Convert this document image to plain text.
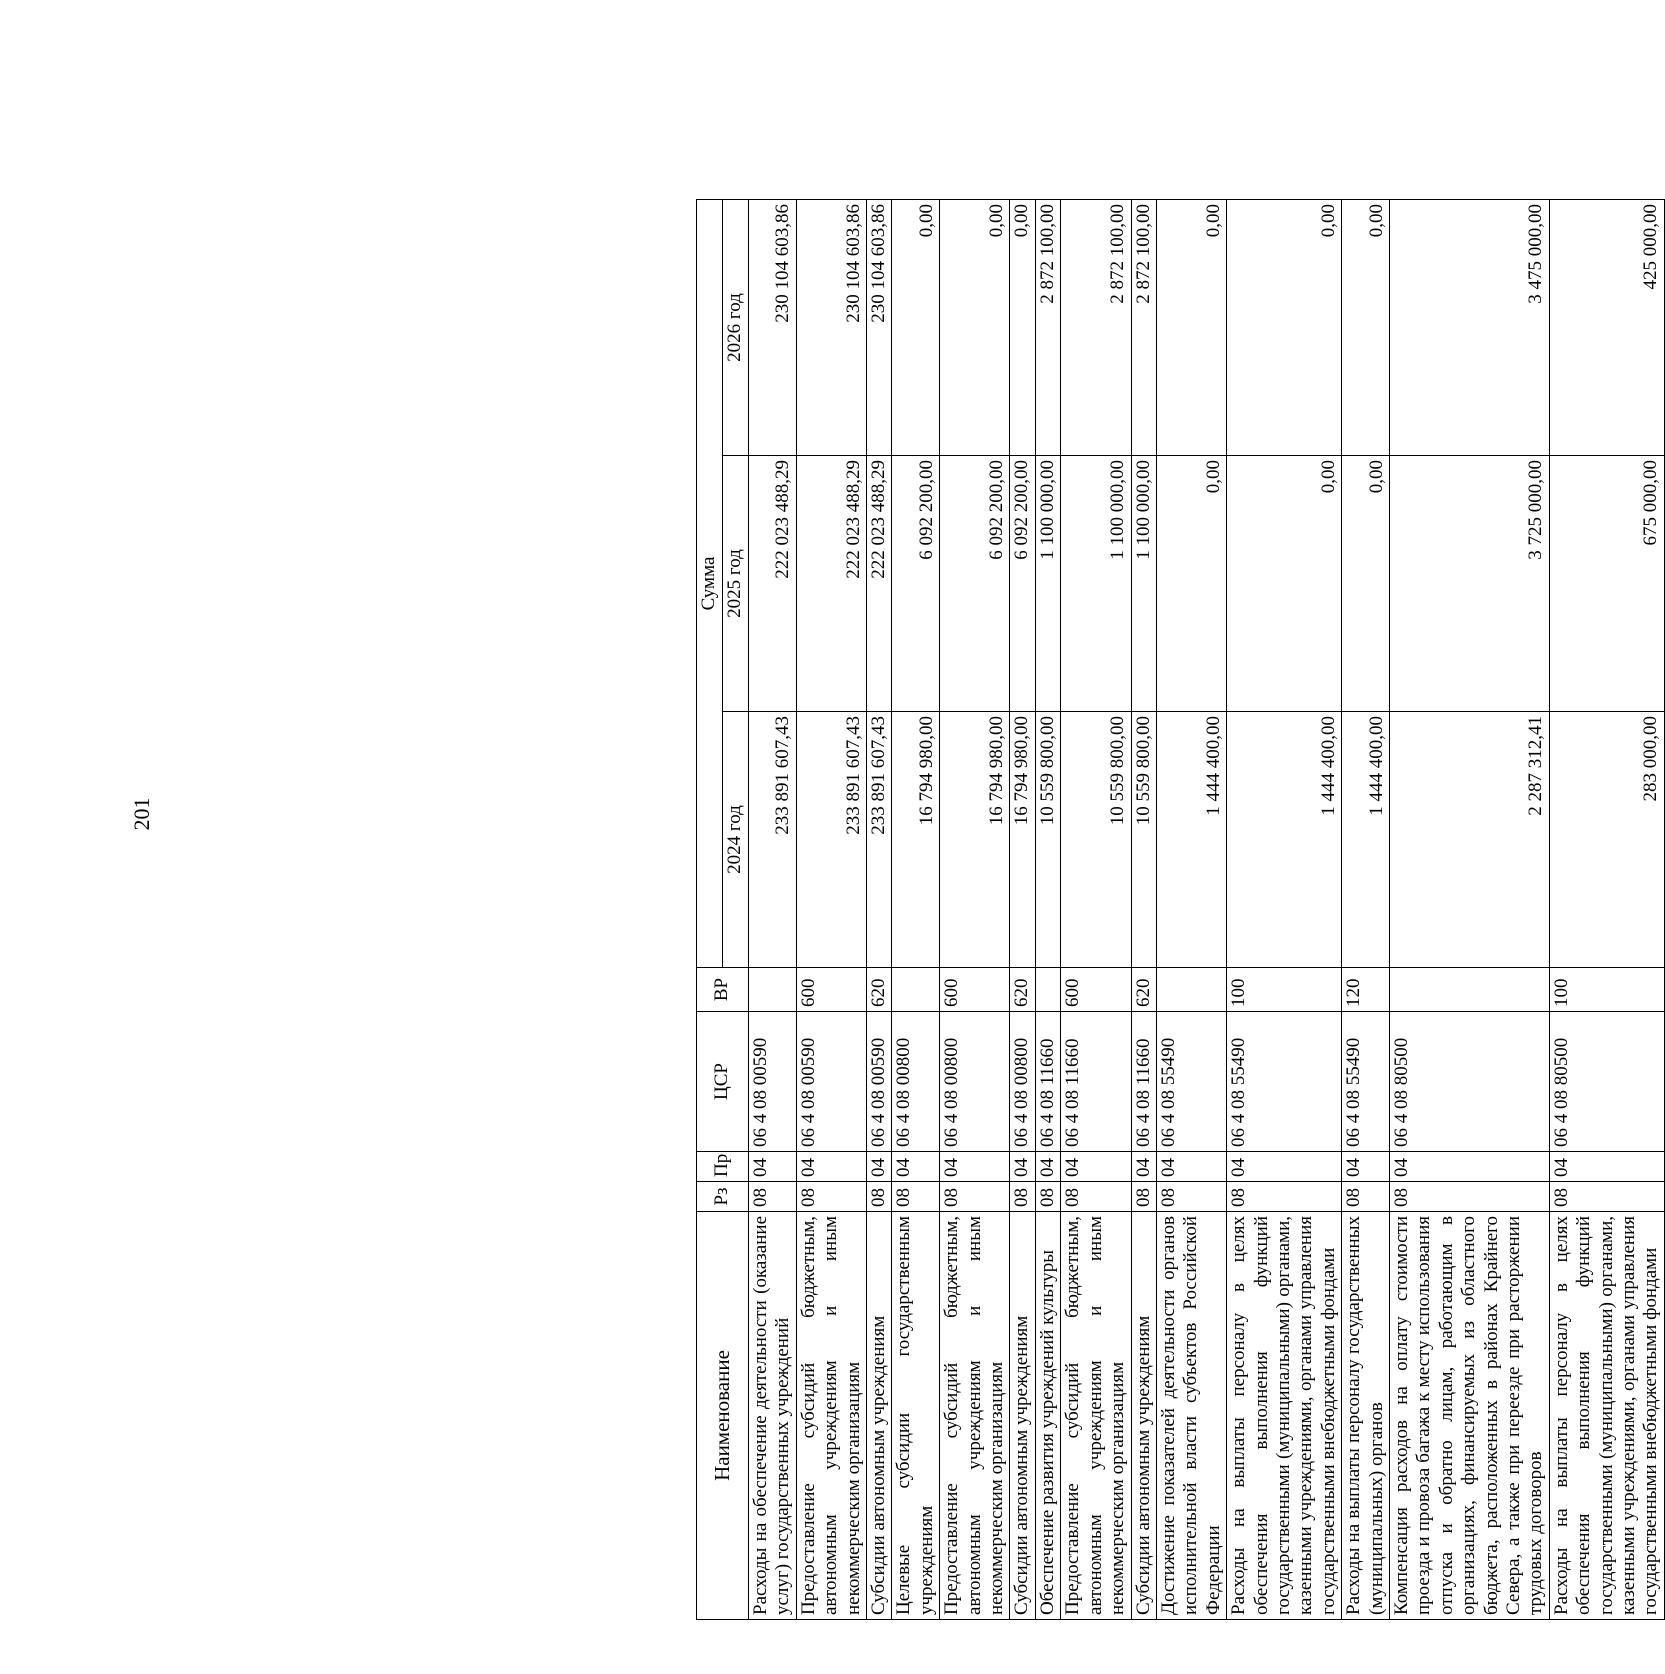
201
Наименование	Рз	Пр	ЦСР	ВР	Сумма		
					2024 год	2025 год	2026 год
Расходы на обеспечение деятельности (оказание услуг) государственных учреждений	08	04	06 4 08 00590		233 891 607,43	222 023 488,29	230 104 603,86
Предоставление субсидий бюджетным, автономным учреждениям и иным некоммерческим организациям	08	04	06 4 08 00590	600	233 891 607,43	222 023 488,29	230 104 603,86
Субсидии автономным учреждениям	08	04	06 4 08 00590	620	233 891 607,43	222 023 488,29	230 104 603,86
Целевые субсидии государственным учреждениям	08	04	06 4 08 00800		16 794 980,00	6 092 200,00	0,00
Предоставление субсидий бюджетным, автономным учреждениям и иным некоммерческим организациям	08	04	06 4 08 00800	600	16 794 980,00	6 092 200,00	0,00
Субсидии автономным учреждениям	08	04	06 4 08 00800	620	16 794 980,00	6 092 200,00	0,00
Обеспечение развития учреждений культуры	08	04	06 4 08 11660		10 559 800,00	1 100 000,00	2 872 100,00
Предоставление субсидий бюджетным, автономным учреждениям и иным некоммерческим организациям	08	04	06 4 08 11660	600	10 559 800,00	1 100 000,00	2 872 100,00
Субсидии автономным учреждениям	08	04	06 4 08 11660	620	10 559 800,00	1 100 000,00	2 872 100,00
Достижение показателей деятельности органов исполнительной власти субъектов Российской Федерации	08	04	06 4 08 55490		1 444 400,00	0,00	0,00
Расходы на выплаты персоналу в целях обеспечения выполнения функций государственными (муниципальными) органами, казенными учреждениями, органами управления государственными внебюджетными фондами	08	04	06 4 08 55490	100	1 444 400,00	0,00	0,00
Расходы на выплаты персоналу государственных (муниципальных) органов	08	04	06 4 08 55490	120	1 444 400,00	0,00	0,00
Компенсация расходов на оплату стоимости проезда и провоза багажа к месту использования отпуска и обратно лицам, работающим в организациях, финансируемых из областного бюджета, расположенных в районах Крайнего Севера, а также при переезде при расторжении трудовых договоров	08	04	06 4 08 80500		2 287 312,41	3 725 000,00	3 475 000,00
Расходы на выплаты персоналу в целях обеспечения выполнения функций государственными (муниципальными) органами, казенными учреждениями, органами управления государственными внебюджетными фондами	08	04	06 4 08 80500	100	283 000,00	675 000,00	425 000,00
